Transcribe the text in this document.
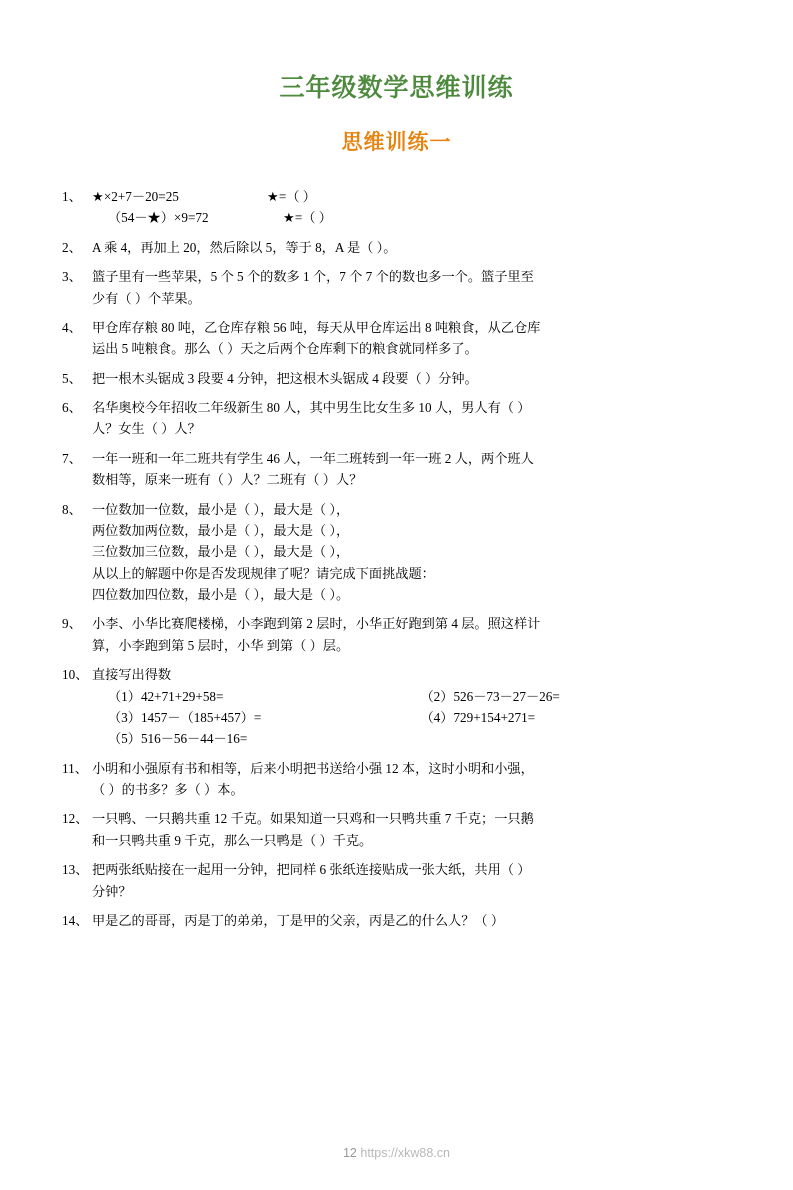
三年级数学思维训练
思维训练一
1、 ★×2+7－20=25	★=（ ）
（54－★）×9=72	★=（ ）
2、 A 乘 4，再加上 20，然后除以 5，等于 8，A 是（ ）。
3、 篮子里有一些苹果，5 个 5 个的数多 1 个，7 个 7 个的数也多一个。篮子里至
少有（ ）个苹果。
4、 甲仓库存粮 80 吨，乙仓库存粮 56 吨，每天从甲仓库运出 8 吨粮食，从乙仓库
运出 5 吨粮食。那么（ ）天之后两个仓库剩下的粮食就同样多了。
5、 把一根木头锯成 3 段要 4 分钟，把这根木头锯成 4 段要（ ）分钟。
6、 名华奥校今年招收二年级新生 80 人，其中男生比女生多 10 人，男人有（ ）
人？女生（ ）人？
7、 一年一班和一年二班共有学生 46 人，一年二班转到一年一班 2 人，两个班人
数相等，原来一班有（ ）人？二班有（ ）人？
8、 一位数加一位数，最小是（ ），最大是（ ），
两位数加两位数，最小是（ ），最大是（ ），
三位数加三位数，最小是（ ），最大是（ ），
从以上的解题中你是否发现规律了呢？请完成下面挑战题：
四位数加四位数，最小是（ ），最大是（ ）。
9、 小李、小华比赛爬楼梯，小李跑到第 2 层时，小华正好跑到第 4 层。照这样计
算，小李跑到第 5 层时，小华 到第（ ）层。
10、 直接写出得数
（1）42+71+29+58=	（2）526－73－27－26=
（3）1457－（185+457）=	（4）729+154+271=
（5）516－56－44－16=
11、 小明和小强原有书和相等，后来小明把书送给小强 12 本，这时小明和小强，
（ ）的书多？多（ ）本。
12、 一只鸭、一只鹅共重 12 千克。如果知道一只鸡和一只鸭共重 7 千克；一只鹅
和一只鸭共重 9 千克，那么一只鸭是（ ）千克。
13、 把两张纸贴接在一起用一分钟，把同样 6 张纸连接贴成一张大纸，共用（ ）
分钟？
14、 甲是乙的哥哥，丙是丁的弟弟，丁是甲的父亲，丙是乙的什么人？（ ）
12 https://xkw88.cn
